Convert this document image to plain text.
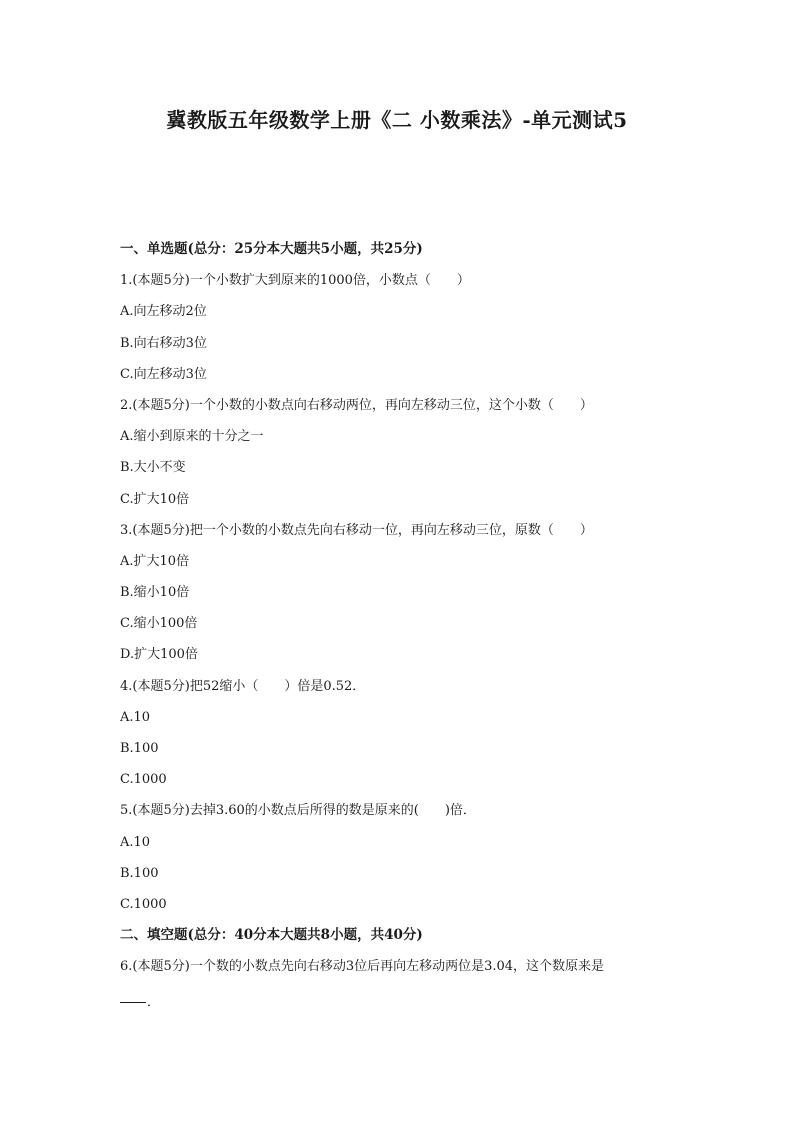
冀教版五年级数学上册《二 小数乘法》-单元测试5
一、单选题(总分：25分本大题共5小题，共25分)
1.(本题5分)一个小数扩大到原来的1000倍，小数点（　　）
A.向左移动2位
B.向右移动3位
C.向左移动3位
2.(本题5分)一个小数的小数点向右移动两位，再向左移动三位，这个小数（　　）
A.缩小到原来的十分之一
B.大小不变
C.扩大10倍
3.(本题5分)把一个小数的小数点先向右移动一位，再向左移动三位，原数（　　）
A.扩大10倍
B.缩小10倍
C.缩小100倍
D.扩大100倍
4.(本题5分)把52缩小（　　）倍是0.52．
A.10
B.100
C.1000
5.(本题5分)去掉3.60的小数点后所得的数是原来的(　　)倍．
A.10
B.100
C.1000
二、填空题(总分：40分本大题共8小题，共40分)
6.(本题5分)一个数的小数点先向右移动3位后再向左移动两位是3.04，这个数原来是
．
